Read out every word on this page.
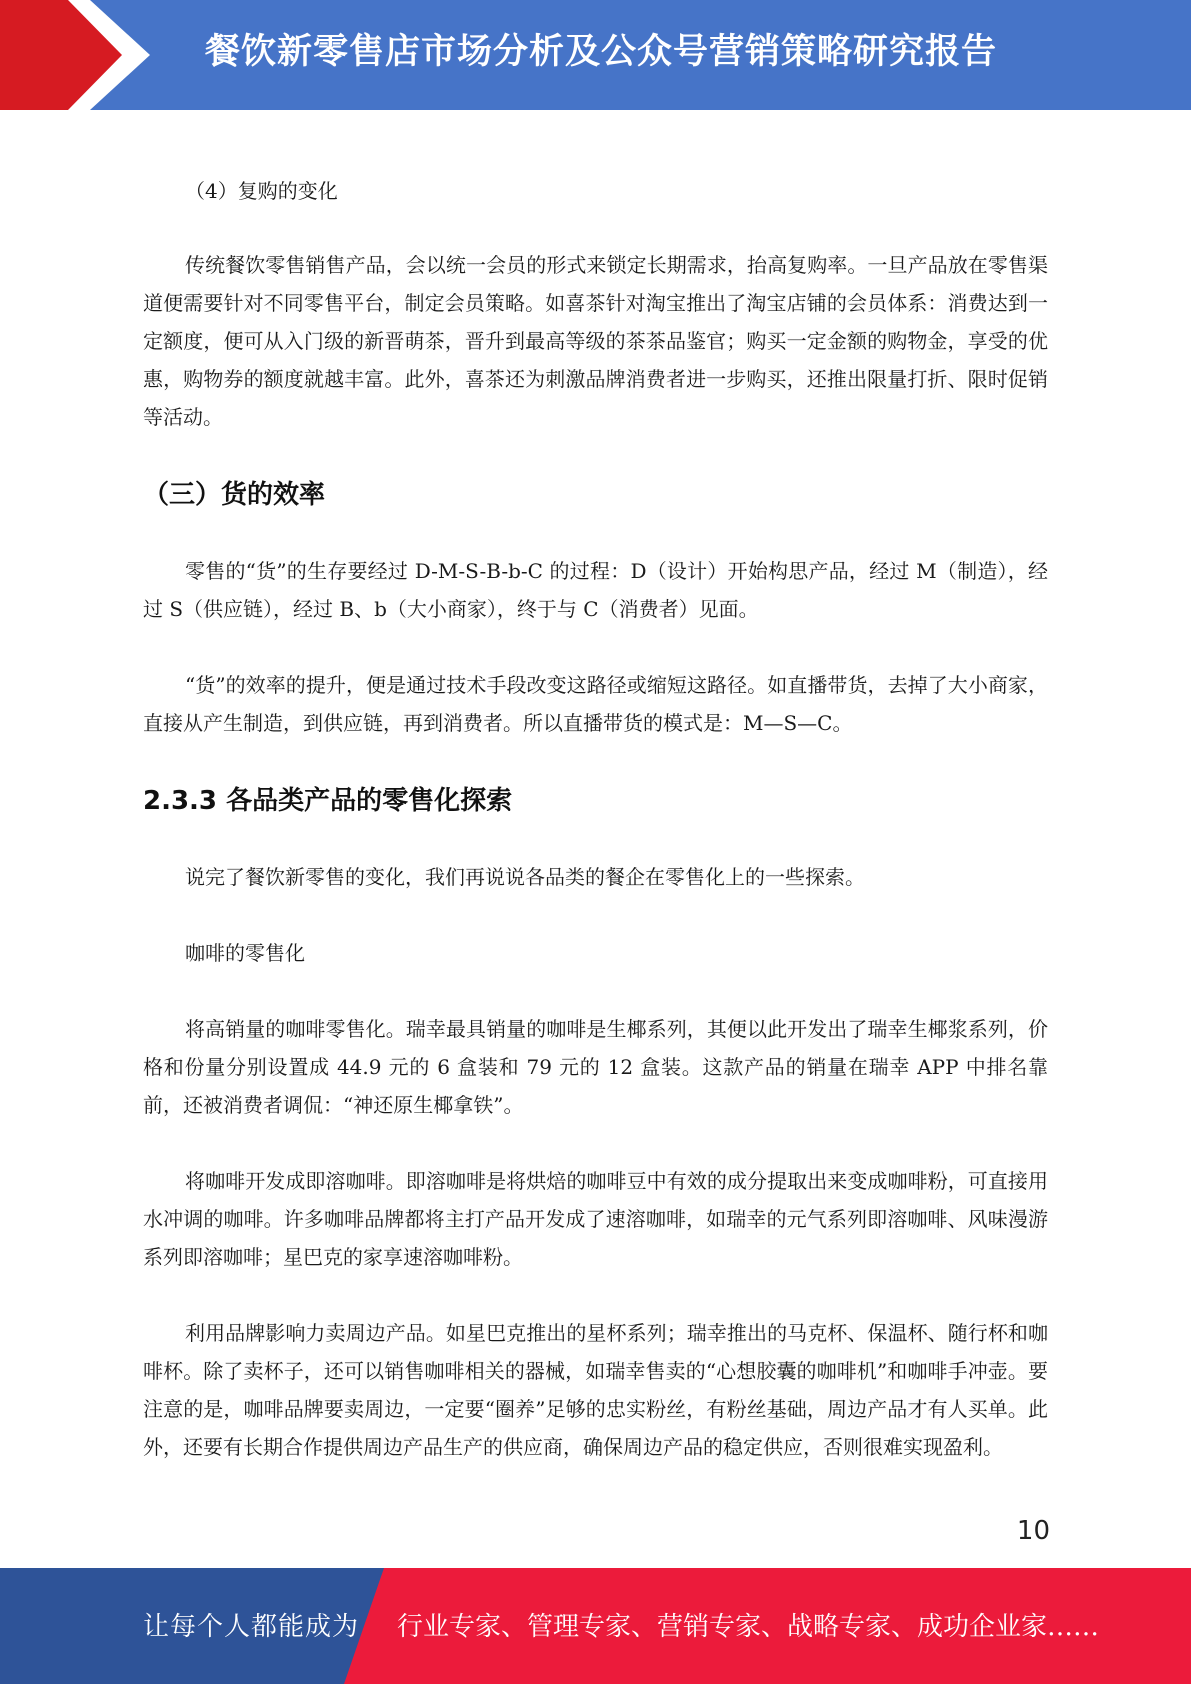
餐饮新零售店市场分析及公众号营销策略研究报告

（4）复购的变化

传统餐饮零售销售产品，会以统一会员的形式来锁定长期需求，抬高复购率。一旦产品放在零售渠道便需要针对不同零售平台，制定会员策略。如喜茶针对淘宝推出了淘宝店铺的会员体系：消费达到一定额度，便可从入门级的新晋萌茶，晋升到最高等级的茶茶品鉴官；购买一定金额的购物金，享受的优惠，购物券的额度就越丰富。此外，喜茶还为刺激品牌消费者进一步购买，还推出限量打折、限时促销等活动。

（三）货的效率

零售的“货”的生存要经过 D-M-S-B-b-C 的过程：D（设计）开始构思产品，经过 M（制造），经过 S（供应链），经过 B、b（大小商家），终于与 C（消费者）见面。

“货”的效率的提升，便是通过技术手段改变这路径或缩短这路径。如直播带货，去掉了大小商家，直接从产生制造，到供应链，再到消费者。所以直播带货的模式是：M—S—C。

2.3.3 各品类产品的零售化探索

说完了餐饮新零售的变化，我们再说说各品类的餐企在零售化上的一些探索。

咖啡的零售化

将高销量的咖啡零售化。瑞幸最具销量的咖啡是生椰系列，其便以此开发出了瑞幸生椰浆系列，价格和份量分别设置成 44.9 元的 6 盒装和 79 元的 12 盒装。这款产品的销量在瑞幸 APP 中排名靠前，还被消费者调侃：“神还原生椰拿铁”。

将咖啡开发成即溶咖啡。即溶咖啡是将烘焙的咖啡豆中有效的成分提取出来变成咖啡粉，可直接用水冲调的咖啡。许多咖啡品牌都将主打产品开发成了速溶咖啡，如瑞幸的元气系列即溶咖啡、风味漫游系列即溶咖啡；星巴克的家享速溶咖啡粉。

利用品牌影响力卖周边产品。如星巴克推出的星杯系列；瑞幸推出的马克杯、保温杯、随行杯和咖啡杯。除了卖杯子，还可以销售咖啡相关的器械，如瑞幸售卖的“心想胶囊的咖啡机”和咖啡手冲壶。要注意的是，咖啡品牌要卖周边，一定要“圈养”足够的忠实粉丝，有粉丝基础，周边产品才有人买单。此外，还要有长期合作提供周边产品生产的供应商，确保周边产品的稳定供应，否则很难实现盈利。

10
让每个人都能成为 行业专家、管理专家、营销专家、战略专家、成功企业家……
